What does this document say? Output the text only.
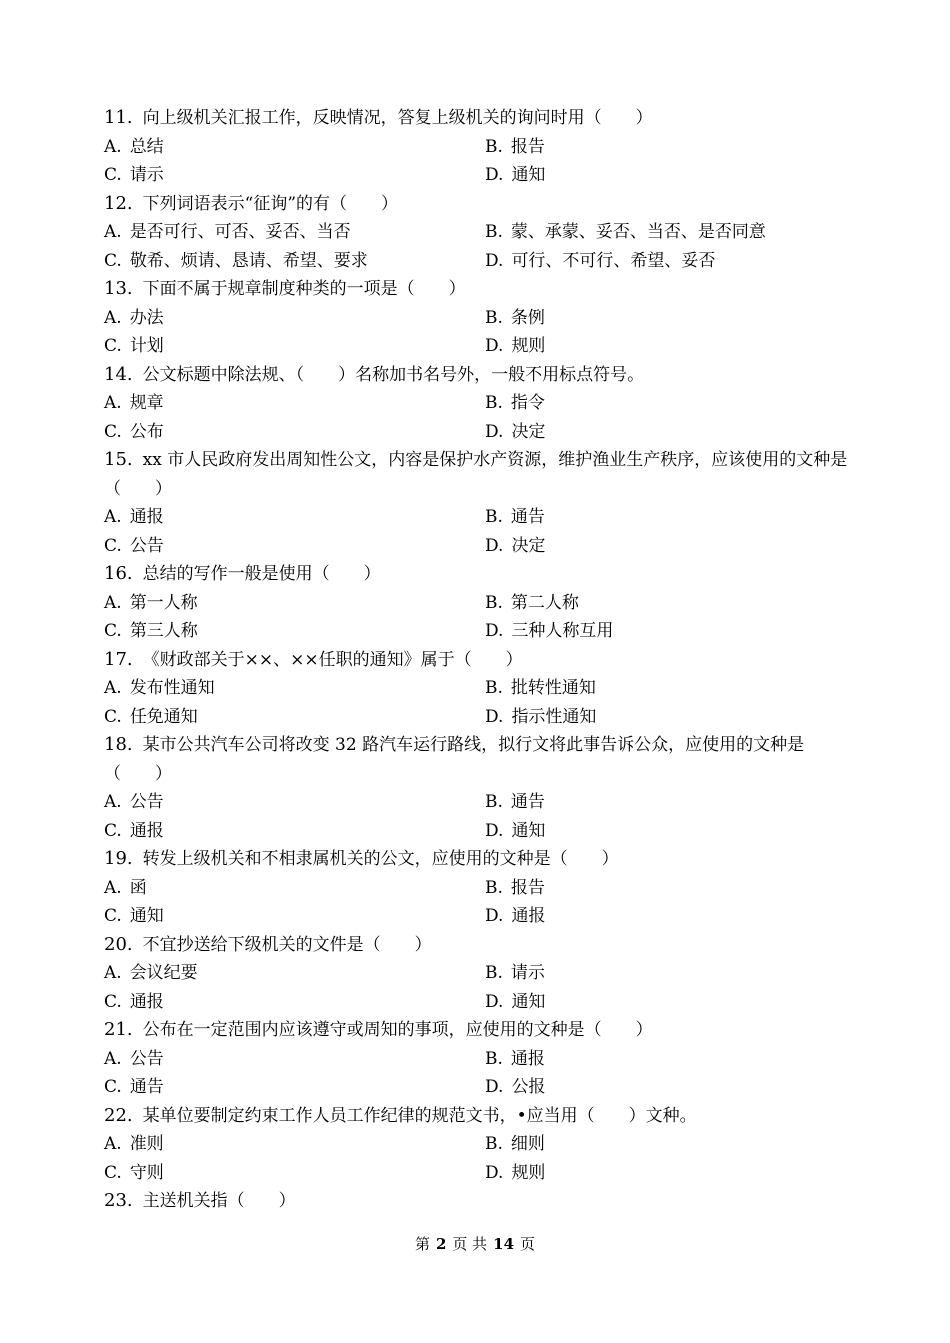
11. 向上级机关汇报工作，反映情况，答复上级机关的询问时用（　　）
A. 总结	B. 报告
C. 请示	D. 通知
12. 下列词语表示“征询”的有（　　）
A. 是否可行、可否、妥否、当否	B. 蒙、承蒙、妥否、当否、是否同意
C. 敬希、烦请、恳请、希望、要求	D. 可行、不可行、希望、妥否
13. 下面不属于规章制度种类的一项是（　　）
A. 办法	B. 条例
C. 计划	D. 规则
14. 公文标题中除法规、（　　）名称加书名号外，一般不用标点符号。
A. 规章	B. 指令
C. 公布	D. 决定
15. xx 市人民政府发出周知性公文，内容是保护水产资源，维护渔业生产秩序，应该使用的文种是（　　）
A. 通报	B. 通告
C. 公告	D. 决定
16. 总结的写作一般是使用（　　）
A. 第一人称	B. 第二人称
C. 第三人称	D. 三种人称互用
17. 《财政部关于××、××任职的通知》属于（　　）
A. 发布性通知	B. 批转性通知
C. 任免通知	D. 指示性通知
18. 某市公共汽车公司将改变 32 路汽车运行路线，拟行文将此事告诉公众，应使用的文种是（　　）
A. 公告	B. 通告
C. 通报	D. 通知
19. 转发上级机关和不相隶属机关的公文，应使用的文种是（　　）
A. 函	B. 报告
C. 通知	D. 通报
20. 不宜抄送给下级机关的文件是（　　）
A. 会议纪要	B. 请示
C. 通报	D. 通知
21. 公布在一定范围内应该遵守或周知的事项，应使用的文种是（　　）
A. 公告	B. 通报
C. 通告	D. 公报
22. 某单位要制定约束工作人员工作纪律的规范文书，•应当用（　　）文种。
A. 准则	B. 细则
C. 守则	D. 规则
23. 主送机关指（　　）
第 2 页 共 14 页
